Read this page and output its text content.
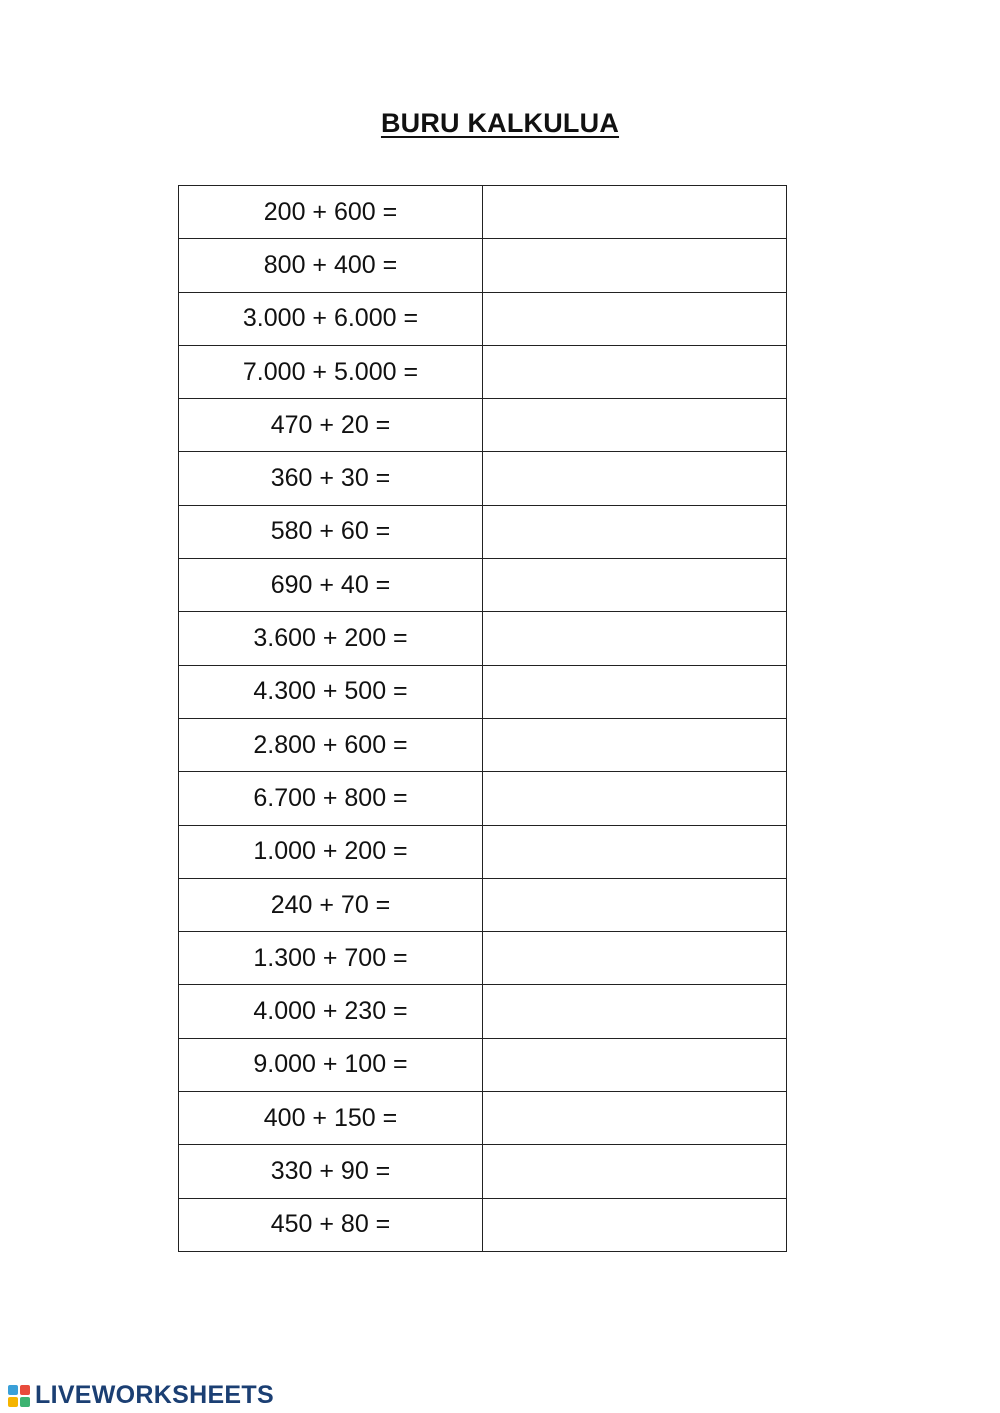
BURU KALKULUA
200 + 600 =	
800 + 400 =	
3.000 + 6.000 =	
7.000 + 5.000 =	
470 + 20 =	
360 + 30 =	
580 + 60 =	
690 + 40 =	
3.600 + 200 =	
4.300 + 500 =	
2.800 + 600 =	
6.700 + 800 =	
1.000 + 200 =	
240 + 70 =	
1.300 + 700 =	
4.000 + 230 =	
9.000 + 100 =	
400 + 150 =	
330 + 90 =	
450 + 80 =	
LIVEWORKSHEETS
